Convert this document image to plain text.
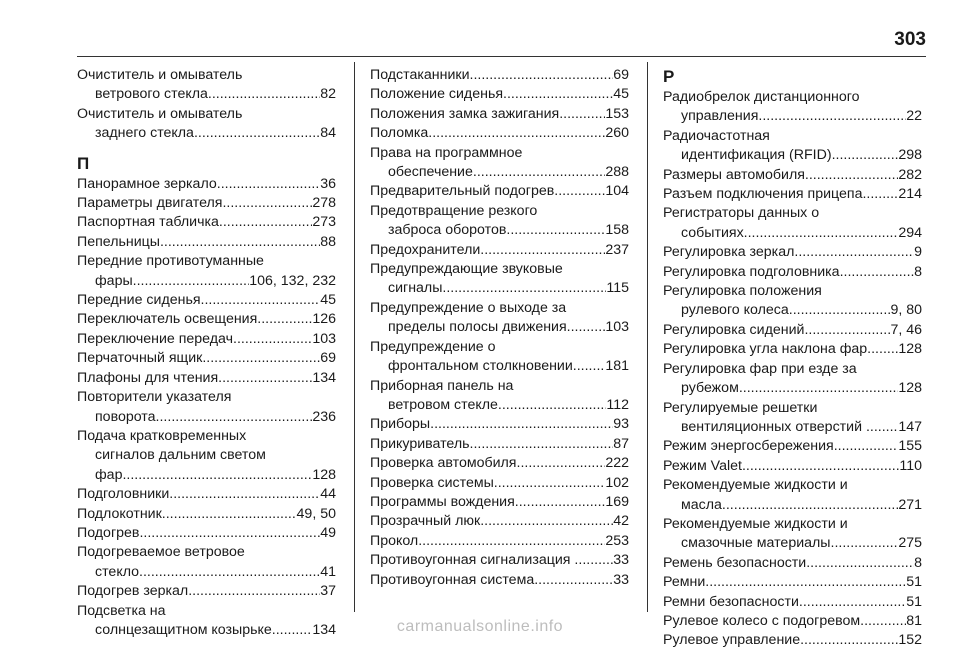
303
Очиститель и омыватель
ветрового стекла .....	82
Очиститель и омыватель
заднего стекла .....	84
П
Панорамное зеркало .....	36
Параметры двигателя .....	278
Паспортная табличка .....	273
Пепельницы .....	88
Передние противотуманные
фары .....	106, 132, 232
Передние сиденья .....	45
Переключатель освещения .....	126
Переключение передач .....	103
Перчаточный ящик .....	69
Плафоны для чтения .....	134
Повторители указателя
поворота .....	236
Подача кратковременных
сигналов дальним светом
фар .....	128
Подголовники .....	44
Подлокотник .....	49, 50
Подогрев .....	49
Подогреваемое ветровое
стекло .....	41
Подогрев зеркал .....	37
Подсветка на
солнцезащитном козырьке .....	134
Подстаканники .....	69
Положение сиденья .....	45
Положения замка зажигания .....	153
Поломка .....	260
Права на программное
обеспечение .....	288
Предварительный подогрев .....	104
Предотвращение резкого
заброса оборотов .....	158
Предохранители .....	237
Предупреждающие звуковые
сигналы .....	115
Предупреждение о выходе за
пределы полосы движения .....	103
Предупреждение о
фронтальном столкновении. ..... 181
Приборная панель на
ветровом стекле .....	112
Приборы .....	93
Прикуриватель .....	87
Проверка автомобиля .....	222
Проверка системы .....	102
Программы вождения .....	169
Прозрачный люк .....	42
Прокол .....	253
Противоугонная сигнализация . ..... 33
Противоугонная система .....	33
Р
Радиобрелок дистанционного
управления .....	22
Радиочастотная
идентификация (RFID) .....	298
Размеры автомобиля .....	282
Разъем подключения прицепа. ..... 214
Регистраторы данных о
событиях .....	294
Регулировка зеркал .....	9
Регулировка подголовника .....	8
Регулировка положения
рулевого колеса .....	9, 80
Регулировка сидений .....	7, 46
Регулировка угла наклона фар ..... 128
Регулировка фар при езде за
рубежом .....	128
Регулируемые решетки
вентиляционных отверстий . ..... 147
Режим энергосбережения .....	155
Режим Valet .....	110
Рекомендуемые жидкости и
масла .....	271
Рекомендуемые жидкости и
смазочные материалы .....	275
Ремень безопасности .....	8
Ремни .....	51
Ремни безопасности .....	51
Рулевое колесо с подогревом .....	81
Рулевое управление .....	152
carmanualsonline.info
